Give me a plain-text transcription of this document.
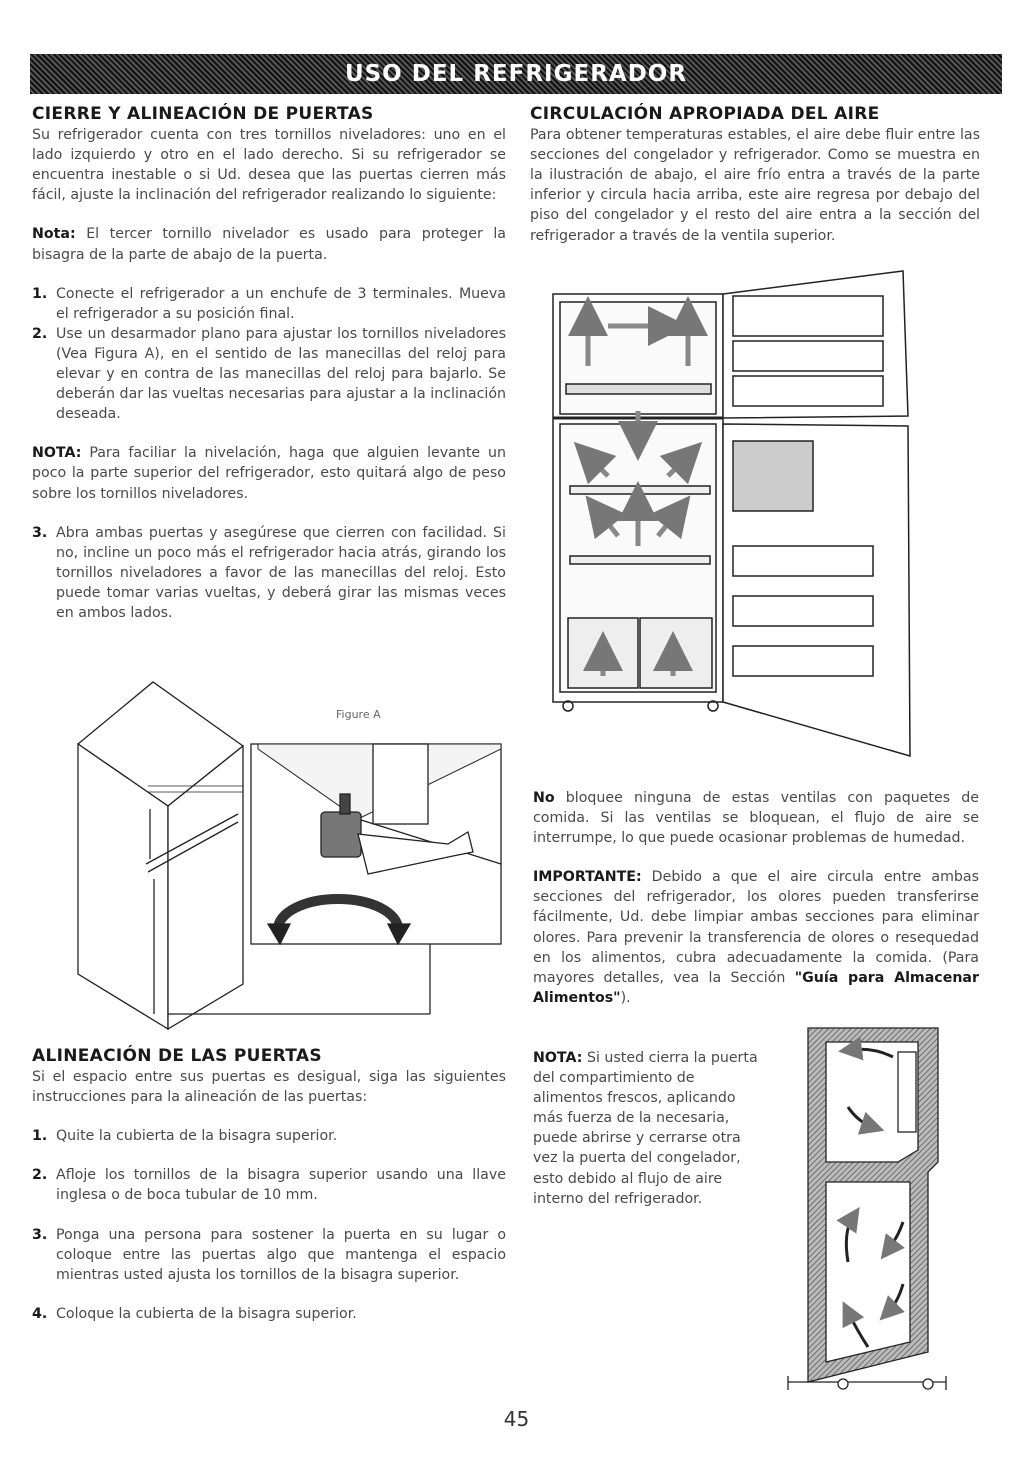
USO DEL REFRIGERADOR
CIERRE Y ALINEACIÓN DE PUERTAS

Su refrigerador cuenta con tres tornillos niveladores: uno en el lado izquierdo y otro en el lado derecho. Si su refrigerador se encuentra inestable o si Ud. desea que las puertas cierren más fácil, ajuste la inclinación del refrigerador realizando lo siguiente:

Nota: El tercer tornillo nivelador es usado para proteger la bisagra de la parte de abajo de la puerta.

1. Conecte el refrigerador a un enchufe de 3 terminales. Mueva el refrigerador a su posición final.
2. Use un desarmador plano para ajustar los tornillos niveladores (Vea Figura A), en el sentido de las manecillas del reloj para elevar y en contra de las manecillas del reloj para bajarlo. Se deberán dar las vueltas necesarias para ajustar a la inclinación deseada.

NOTA: Para faciliar la nivelación, haga que alguien levante un poco la parte superior del refrigerador, esto quitará algo de peso sobre los tornillos niveladores.

3. Abra ambas puertas y asegúrese que cierren con facilidad. Si no, incline un poco más el refrigerador hacia atrás, girando los tornillos niveladores a favor de las manecillas del reloj. Esto puede tomar varias vueltas, y deberá girar las mismas veces en ambos lados.
Figure A
ALINEACIÓN DE LAS PUERTAS

Si el espacio entre sus puertas es desigual, siga las siguientes instrucciones para la alineación de las puertas:

1. Quite la cubierta de la bisagra superior.
2. Afloje los tornillos de la bisagra superior usando una llave inglesa o de boca tubular de 10 mm.
3. Ponga una persona para sostener la puerta en su lugar o coloque entre las puertas algo que mantenga el espacio mientras usted ajusta los tornillos de la bisagra superior.
4. Coloque la cubierta de la bisagra superior.
CIRCULACIÓN APROPIADA DEL AIRE

Para obtener temperaturas estables, el aire debe fluir entre las secciones del congelador y refrigerador. Como se muestra en la ilustración de abajo, el aire frío entra a través de la parte inferior y circula hacia arriba, este aire regresa por debajo del piso del congelador y el resto del aire entra a la sección del refrigerador a través de la ventila superior.

No bloquee ninguna de estas ventilas con paquetes de comida. Si las ventilas se bloquean, el flujo de aire se interrumpe, lo que puede ocasionar problemas de humedad.

IMPORTANTE: Debido a que el aire circula entre ambas secciones del refrigerador, los olores pueden transferirse fácilmente, Ud. debe limpiar ambas secciones para eliminar olores. Para prevenir la transferencia de olores o resequedad en los alimentos, cubra adecuadamente la comida. (Para mayores detalles, vea la Sección "Guía para Almacenar Alimentos").

NOTA: Si usted cierra la puerta
del compartimiento de
alimentos frescos, aplicando
más fuerza de la necesaria,
puede abrirse y cerrarse otra
vez la puerta del congelador,
esto debido al flujo de aire
interno del refrigerador.
45
